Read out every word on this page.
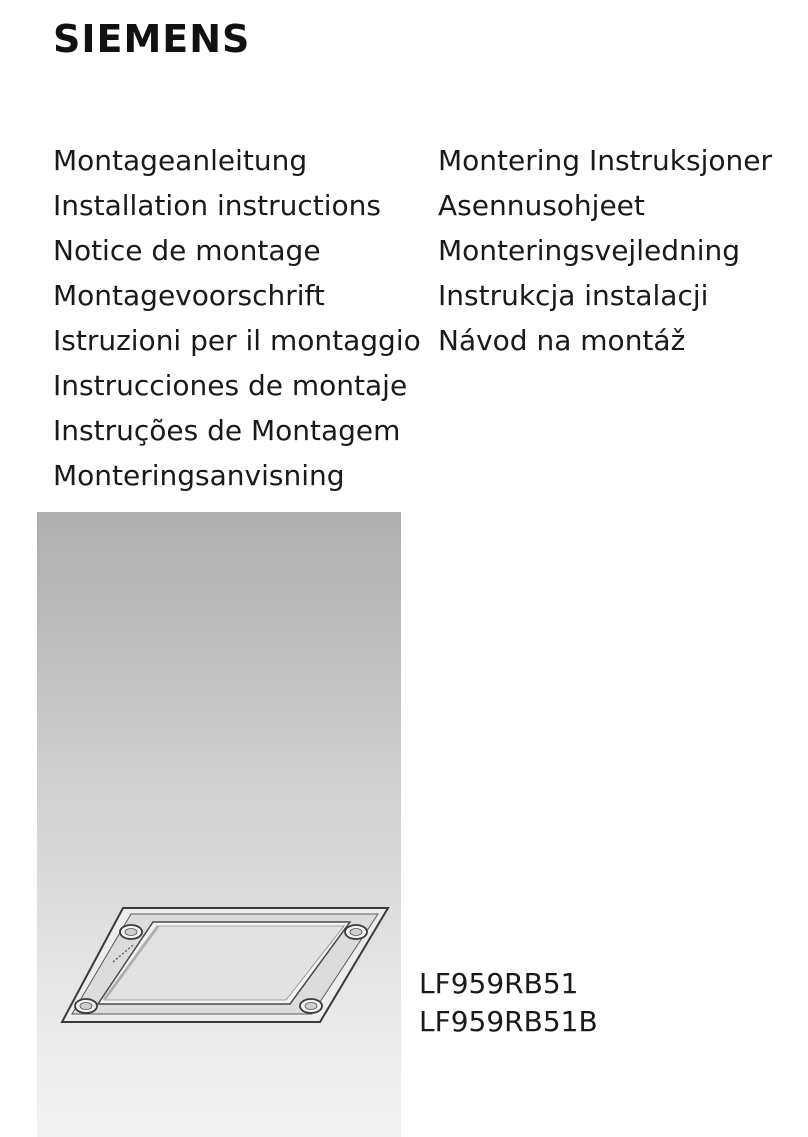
SIEMENS
Montageanleitung
Installation instructions
Notice de montage
Montagevoorschrift
Istruzioni per il montaggio
Instrucciones de montaje
Instruções de Montagem
Monteringsanvisning
Montering Instruksjoner
Asennusohjeet
Monteringsvejledning
Instrukcja instalacji
Návod na montáž
LF959RB51
LF959RB51B
